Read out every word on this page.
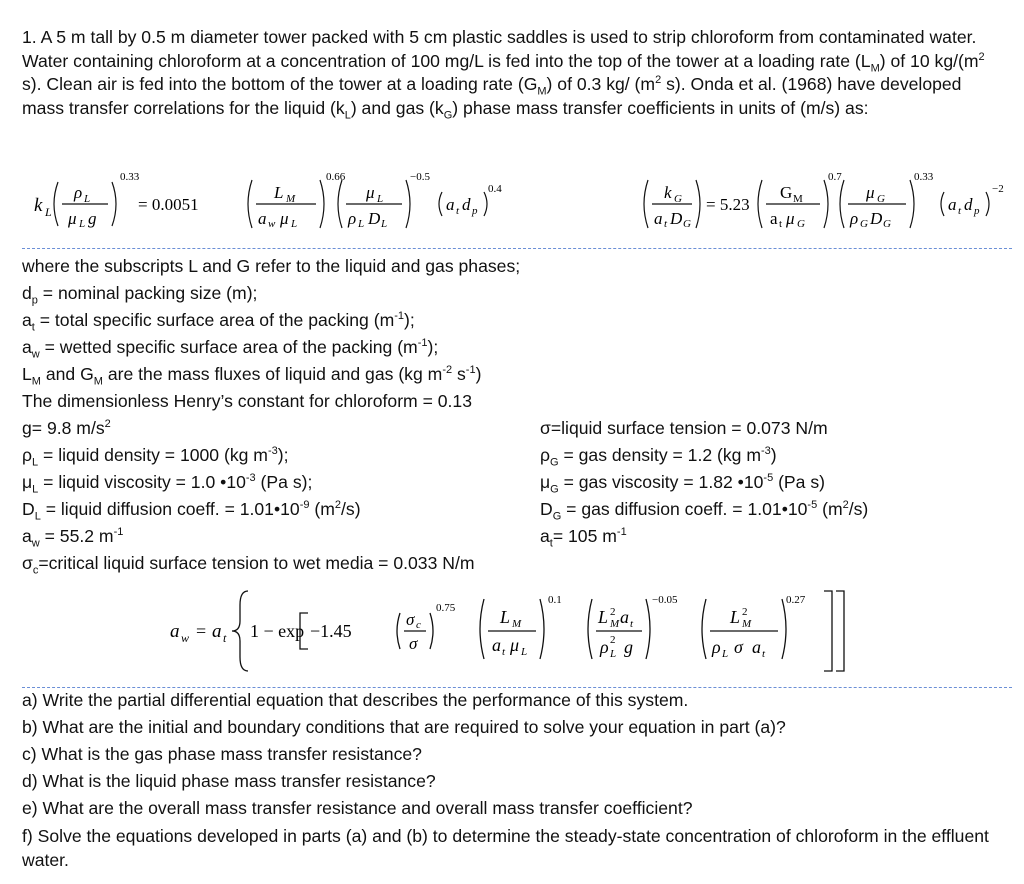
1. A 5 m tall by 0.5 m diameter tower packed with 5 cm plastic saddles is used to strip chloroform from contaminated water. Water containing chloroform at a concentration of 100 mg/L is fed into the top of the tower at a loading rate $(L_M)$ of 10 $kg/(m^2$ s). Clean air is fed into the bottom of the tower at a loading rate $(G_M)$ of 0.3 kg/ ($m^2$ s). Onda et al. (1968) have developed mass transfer correlations for the liquid $(k_L)$ and gas $(k_G)$ phase mass transfer coefficients in units of (m/s) as:
k L
ρ L
μ L g
0.33
= 0.0051
L M
a w μ L
0.66
μ L
ρ L D L
−0.5
a t d p
0.4	k G
a t D G
= 5.23
G M
a t μ G
0.7
μ G
ρ G D G
0.33
a t d p
−2
where the subscripts L and G refer to the liquid and gas phases;
$d_p$ = nominal packing size (m);
$a_t$ = total specific surface area of the packing $(m^{-1})$;
$a_w$ = wetted specific surface area of the packing $(m^{-1})$;
$L_M$ and $G_M$ are the mass fluxes of liquid and gas (kg $m^{-2}$ $s^{-1}$)
The dimensionless Henry’s constant for chloroform = 0.13
g= 9.8 $m/s^2$
$\rho_L$ = liquid density = 1000 (kg $m^{-3}$);
$\mu_L$ = liquid viscosity = 1.0 $•10^{-3}$ (Pa s);
$D_L$ = liquid diffusion coeff. = $1.01•10^{-9}$ $(m^2/s)$
$a_w = 55.2$ $m^{-1}$
$\sigma_c=critical$ liquid surface tension to wet media = 0.033 N/m
σ=liquid surface tension = 0.073 N/m
$\rho_G$ = gas density = 1.2 (kg $m^{-3}$)
$\mu_G$ = gas viscosity = 1.82 $•10^{-5}$ (Pa s)
$D_G$ = gas diffusion coeff. = $1.01•10^{-5}$ $(m^2/s)$
$a_t= 105$ $m^{-1}$
a w = a t 1 − exp −1.45
σ c
σ
0.75 L M
a t μ L
0.1
L 2
M a t
ρ 2
L g
−0.05
L 2
M
ρ L σ a t
0.27
a) Write the partial differential equation that describes the performance of this system.
b) What are the initial and boundary conditions that are required to solve your equation in part (a)?
c) What is the gas phase mass transfer resistance?
d) What is the liquid phase mass transfer resistance?
e) What are the overall mass transfer resistance and overall mass transfer coefficient?
f) Solve the equations developed in parts (a) and (b) to determine the steady-state concentration of chloroform in the effluent water.
